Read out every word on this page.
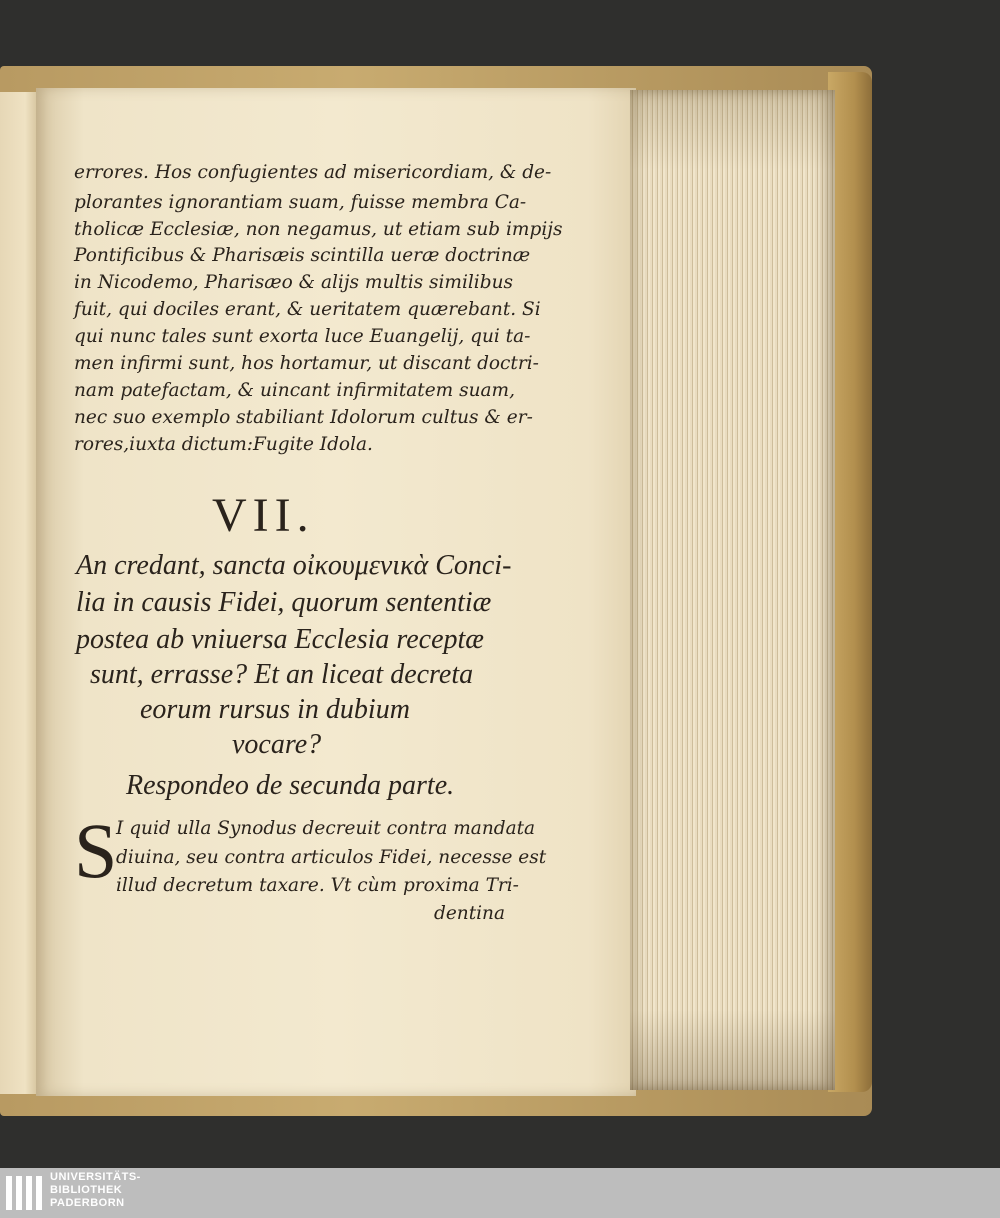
errores. Hos confugientes ad misericordiam, & de-
plorantes ignorantiam suam, fuisse membra Ca-
tholicæ Ecclesiæ, non negamus, ut etiam sub impijs
Pontificibus & Pharisæis scintilla ueræ doctrinæ
in Nicodemo, Pharisæo & alijs multis similibus
fuit, qui dociles erant, & ueritatem quærebant. Si
qui nunc tales sunt exorta luce Euangelij, qui ta-
men infirmi sunt, hos hortamur, ut discant doctri-
nam patefactam, & uincant infirmitatem suam,
nec suo exemplo stabiliant Idolorum cultus & er-
rores,iuxta dictum:Fugite Idola.
VII.
An credant, sancta οἰκουμενικὰ Conci-
lia in causis Fidei, quorum sententiæ
postea ab vniuersa Ecclesia receptæ
sunt, errasse? Et an liceat decreta
eorum rursus in dubium
vocare?
Respondeo de secunda parte.
S
I quid ulla Synodus decreuit contra mandata
diuina, seu contra articulos Fidei, necesse est
illud decretum taxare. Vt cùm proxima Tri-
dentina
UNIVERSITÄTS-
BIBLIOTHEK
PADERBORN
